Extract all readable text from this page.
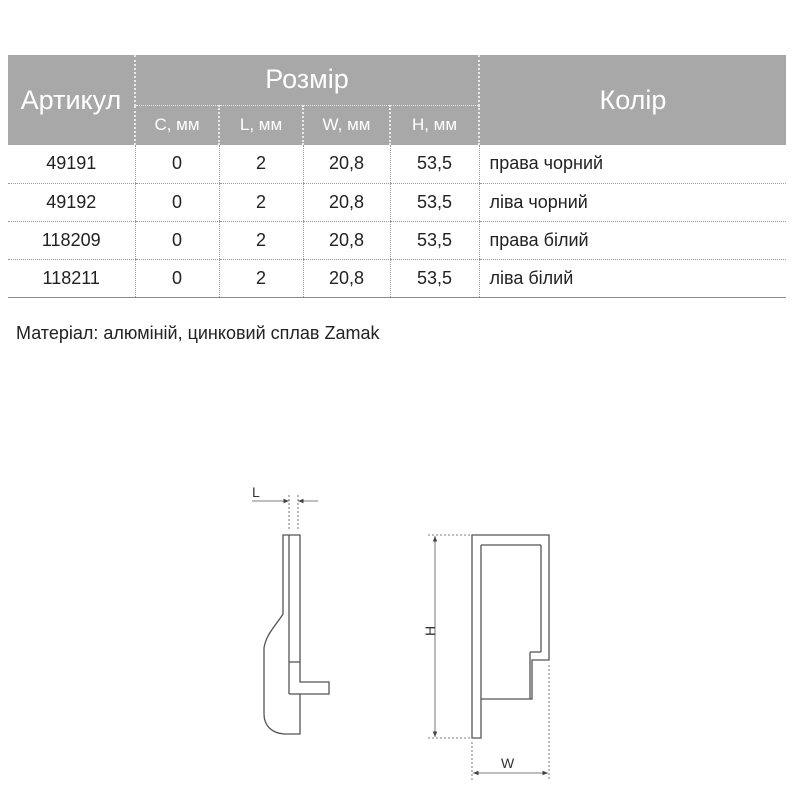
Артикул	Розмір				Колір
	C, мм	L, мм	W, мм	H, мм	
49191	0	2	20,8	53,5	права чорний
49192	0	2	20,8	53,5	ліва чорний
118209	0	2	20,8	53,5	права білий
118211	0	2	20,8	53,5	ліва білий
Матеріал: алюміній, цинковий сплав Zamak
L
H
W
